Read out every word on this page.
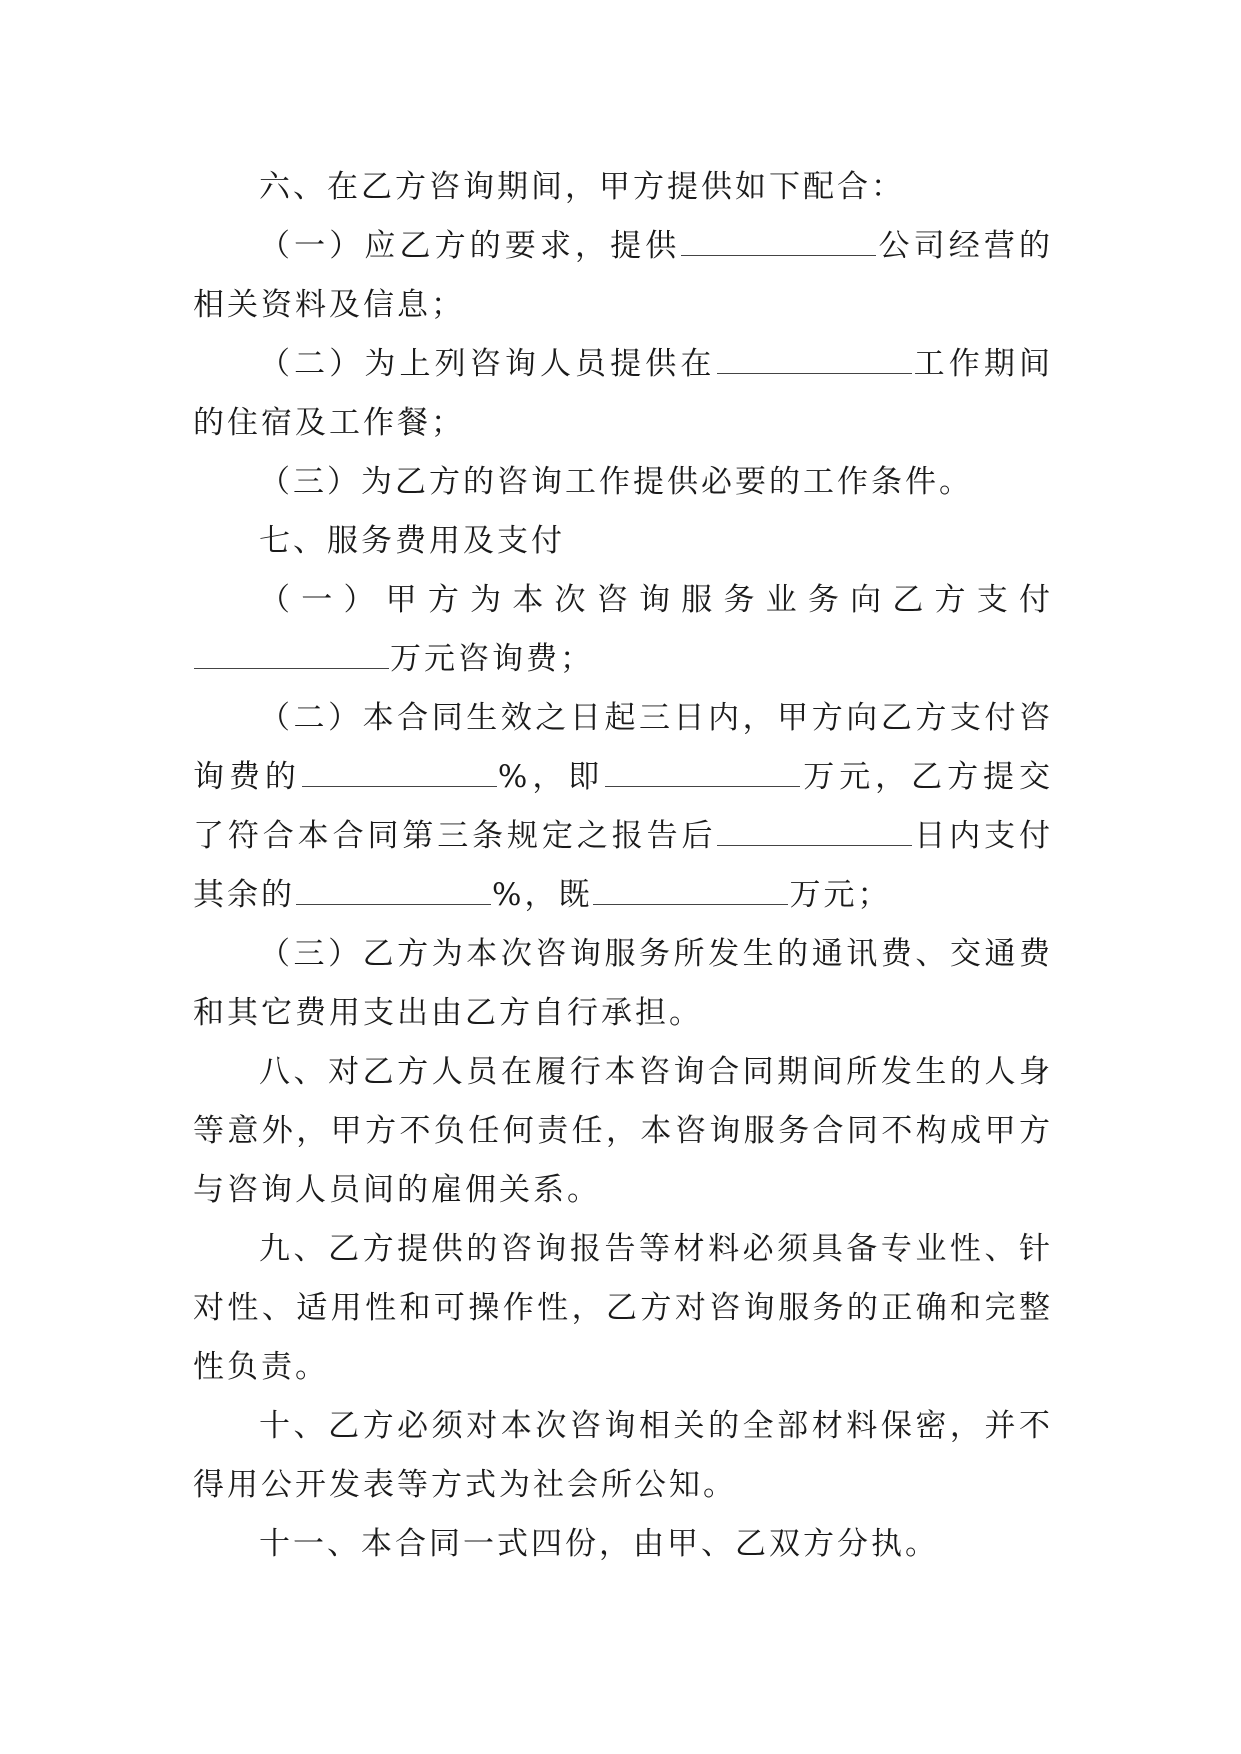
六、在乙方咨询期间，甲方提供如下配合：

（一）应乙方的要求，提供	公司经营的相关资料及信息；

（二）为上列咨询人员提供在	工作期间的住宿及工作餐；

（三）为乙方的咨询工作提供必要的工作条件。

七、服务费用及支付

（一）甲方为本次咨询服务业务向乙方支付万元咨询费；

（二）本合同生效之日起三日内，甲方向乙方支付咨询费的	%，即	万元，乙方提交了符合本合同第三条规定之报告后	日内支付其余的	%，既	万元；

（三）乙方为本次咨询服务所发生的通讯费、交通费和其它费用支出由乙方自行承担。

八、对乙方人员在履行本咨询合同期间所发生的人身等意外，甲方不负任何责任，本咨询服务合同不构成甲方与咨询人员间的雇佣关系。

九、乙方提供的咨询报告等材料必须具备专业性、针对性、适用性和可操作性，乙方对咨询服务的正确和完整性负责。

十、乙方必须对本次咨询相关的全部材料保密，并不得用公开发表等方式为社会所公知。

十一、本合同一式四份，由甲、乙双方分执。
